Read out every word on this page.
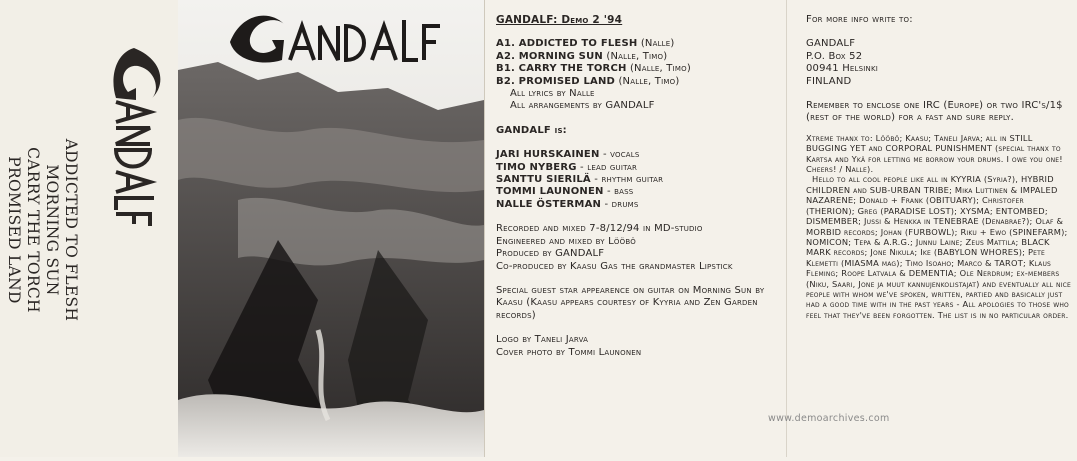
ADDICTED TO FLESH
MORNING SUN
CARRY THE TORCH
PROMISED LAND
GANDALF
GANDALF

GANDALF: Demo 2 '94

A1. ADDICTED TO FLESH (Nalle)

A2. MORNING SUN (Nalle, Timo)

B1. CARRY THE TORCH (Nalle, Timo)

B2. PROMISED LAND (Nalle, Timo)

All lyrics by Nalle

All arrangements by GANDALF

GANDALF is:

JARI HURSKAINEN - vocals

TIMO NYBERG - lead guitar

SANTTU SIERILÄ - rhythm guitar

TOMMI LAUNONEN - bass

NALLE ÖSTERMAN - drums

Recorded and mixed 7-8/12/94 in MD-studio

Engineered and mixed by Lööbö

Produced by GANDALF

Co-produced by Kaasu Gas the grandmaster Lipstick

Special guest star appearence on guitar on Morning Sun by Kaasu (Kaasu appears courtesy of Kyyria and Zen Garden records)

Logo by Taneli Jarva

Cover photo by Tommi Launonen

For more info write to:

GANDALF

P.O. Box 52

00941 Helsinki

FINLAND

Remember to enclose one IRC (Europe) or two IRC's/1$ (rest of the world) for a fast and sure reply.

Xtreme thanx to: Lööbö; Kaasu; Taneli Jarva; all in STILL BUGGING YET and CORPORAL PUNISHMENT (special thanx to Kartsa and Ykä for letting me borrow your drums. I owe you one! Cheers! / Nalle).

Hello to all cool people like all in KYYRIA (Syria?), HYBRID CHILDREN and SUB-URBAN TRIBE; Mika Luttinen & IMPALED NAZARENE; Donald + Frank (OBITUARY); Christofer (THERION); Greg (PARADISE LOST); XYSMA; ENTOMBED; DISMEMBER; Jussi & Henkka in TENEBRAE (Denabrae?); Olaf & MORBID records; Johan (FURBOWL); Riku + Ewo (SPINEFARM); NOMICON; Tepa & A.R.G.; Junnu Laine; Zeus Mattila; BLACK MARK records; Jone Nikula; Ike (BABYLON WHORES); Pete Klemetti (MIASMA mag); Timo Isoaho; Marco & TAROT; Klaus Fleming; Roope Latvala & DEMENTIA; Ole Nerdrum; ex-members (Niku, Saari, Jone ja muut kannujenkolistajat) and eventually all nice people with whom we've spoken, written, partied and basically just had a good time with in the past years - All apologies to those who feel that they've been forgotten. The list is in no particular order.

www.demoarchives.com
